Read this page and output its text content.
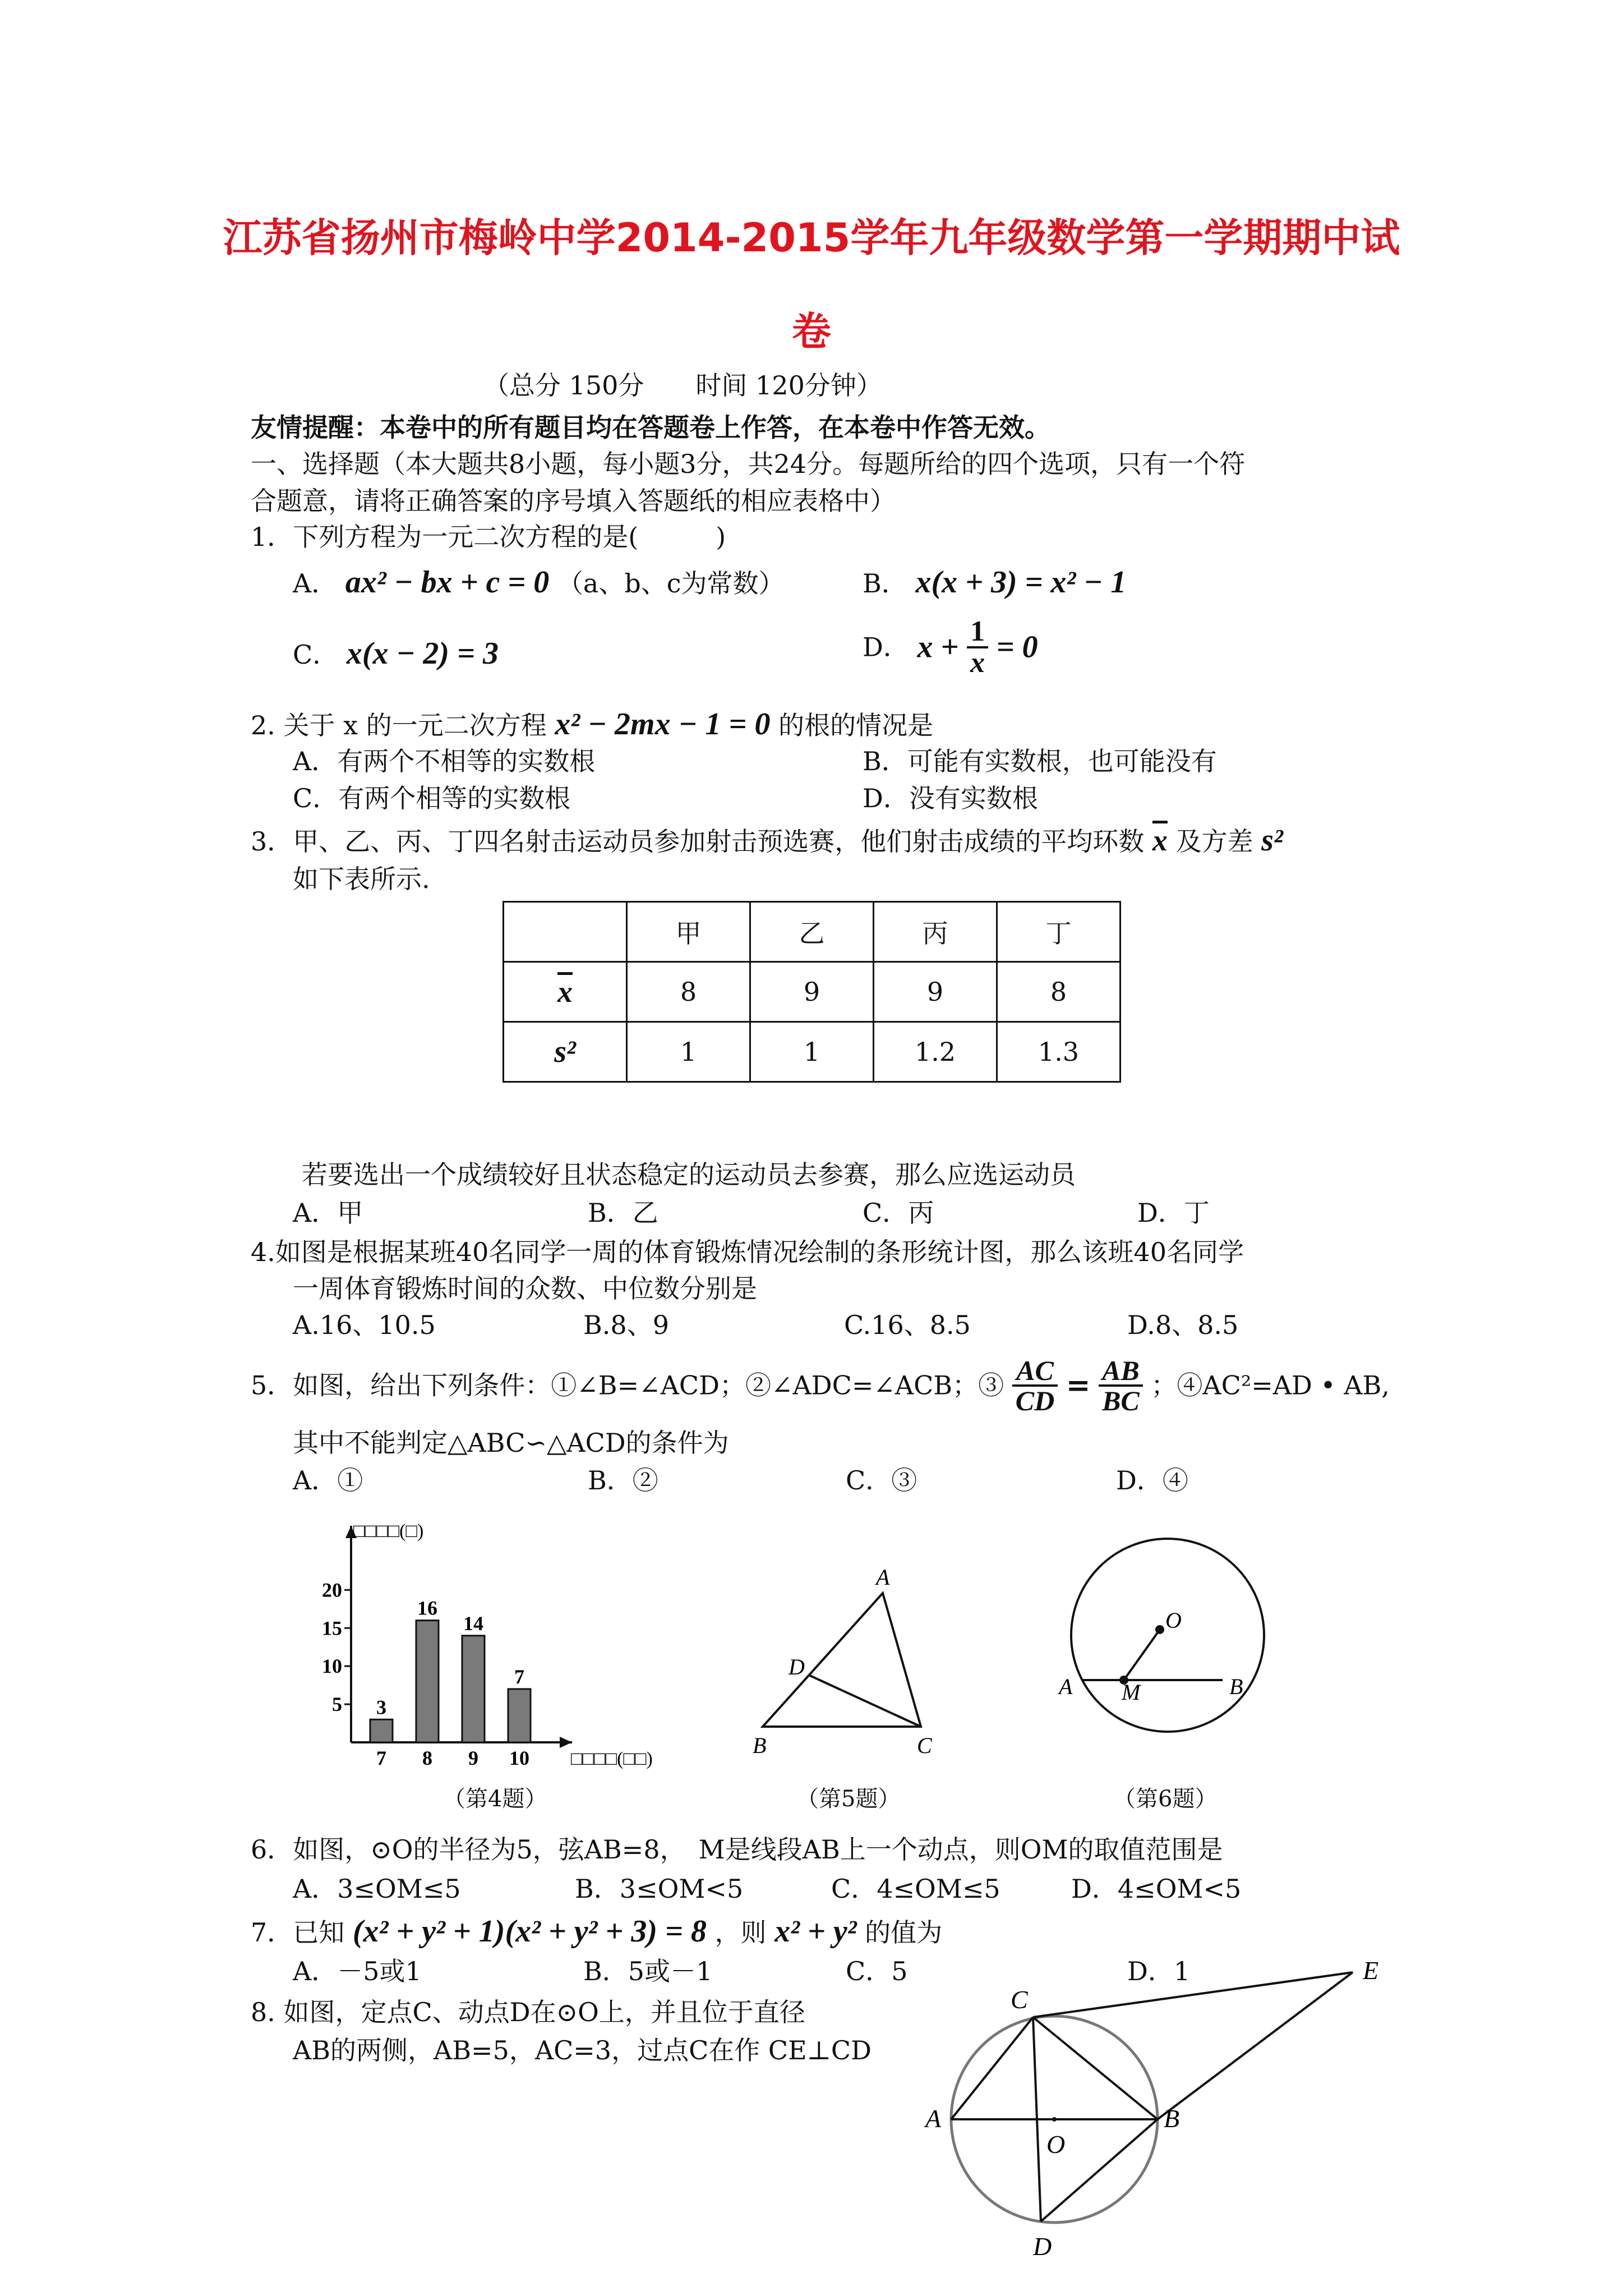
江苏省扬州市梅岭中学2014-2015学年九年级数学第一学期期中试
卷
（总分 150分　　时间 120分钟）
友情提醒：本卷中的所有题目均在答题卷上作答，在本卷中作答无效。
一、选择题（本大题共8小题，每小题3分，共24分。每题所给的四个选项，只有一个符
合题意，请将正确答案的序号填入答题纸的相应表格中）
1．下列方程为一元二次方程的是(　　　)
A． ax² − bx + c = 0 （a、b、c为常数）	B． x(x + 3) = x² − 1
C． x(x − 2) = 3	D． $x + \frac{1}{x} = 0$
2. 关于 x 的一元二次方程 x² − 2mx − 1 = 0 的根的情况是
A．有两个不相等的实数根	B．可能有实数根，也可能没有
C．有两个相等的实数根	D．没有实数根
3．甲、乙、丙、丁四名射击运动员参加射击预选赛，他们射击成绩的平均环数 $\overline{x}$ 及方差 s²
如下表所示.
	甲	乙	丙	丁
$\overline{x}$	8	9	9	8
s²	1	1	1.2	1.3
若要选出一个成绩较好且状态稳定的运动员去参赛，那么应选运动员
A．甲	B．乙	C．丙	D．丁
4.如图是根据某班40名同学一周的体育锻炼情况绘制的条形统计图，那么该班40名同学
一周体育锻炼时间的众数、中位数分别是
A.16、10.5	B.8、9	C.16、8.5	D.8、8.5
5．如图，给出下列条件：①∠B=∠ACD；②∠ADC=∠ACB；③ $\frac{AC}{CD} = \frac{AB}{BC}$ ；④AC²=AD • AB,
其中不能判定△ABC∽△ACD的条件为
A．①	B．②	C．③	D．④
□□□□(□)
□□□□(□□)
5
10
15
20
3
7
16
8
14
9
7
10
（第4题）
A
D
B	C
（第5题）
O
A M	B
（第6题）
6．如图，⊙O的半径为5，弦AB=8，　M是线段AB上一个动点，则OM的取值范围是
A．3≤OM≤5	B．3≤OM<5	C．4≤OM≤5	D．4≤OM<5
7．已知 (x² + y² + 1)(x² + y² + 3) = 8 ，则 x² + y² 的值为
A．－5或1	B．5或－1	C．5	D．1
8. 如图，定点C、动点D在⊙O上，并且位于直径
AB的两侧，AB=5，AC=3，过点C在作 CE⊥CD
C
E
A	B
O
D
